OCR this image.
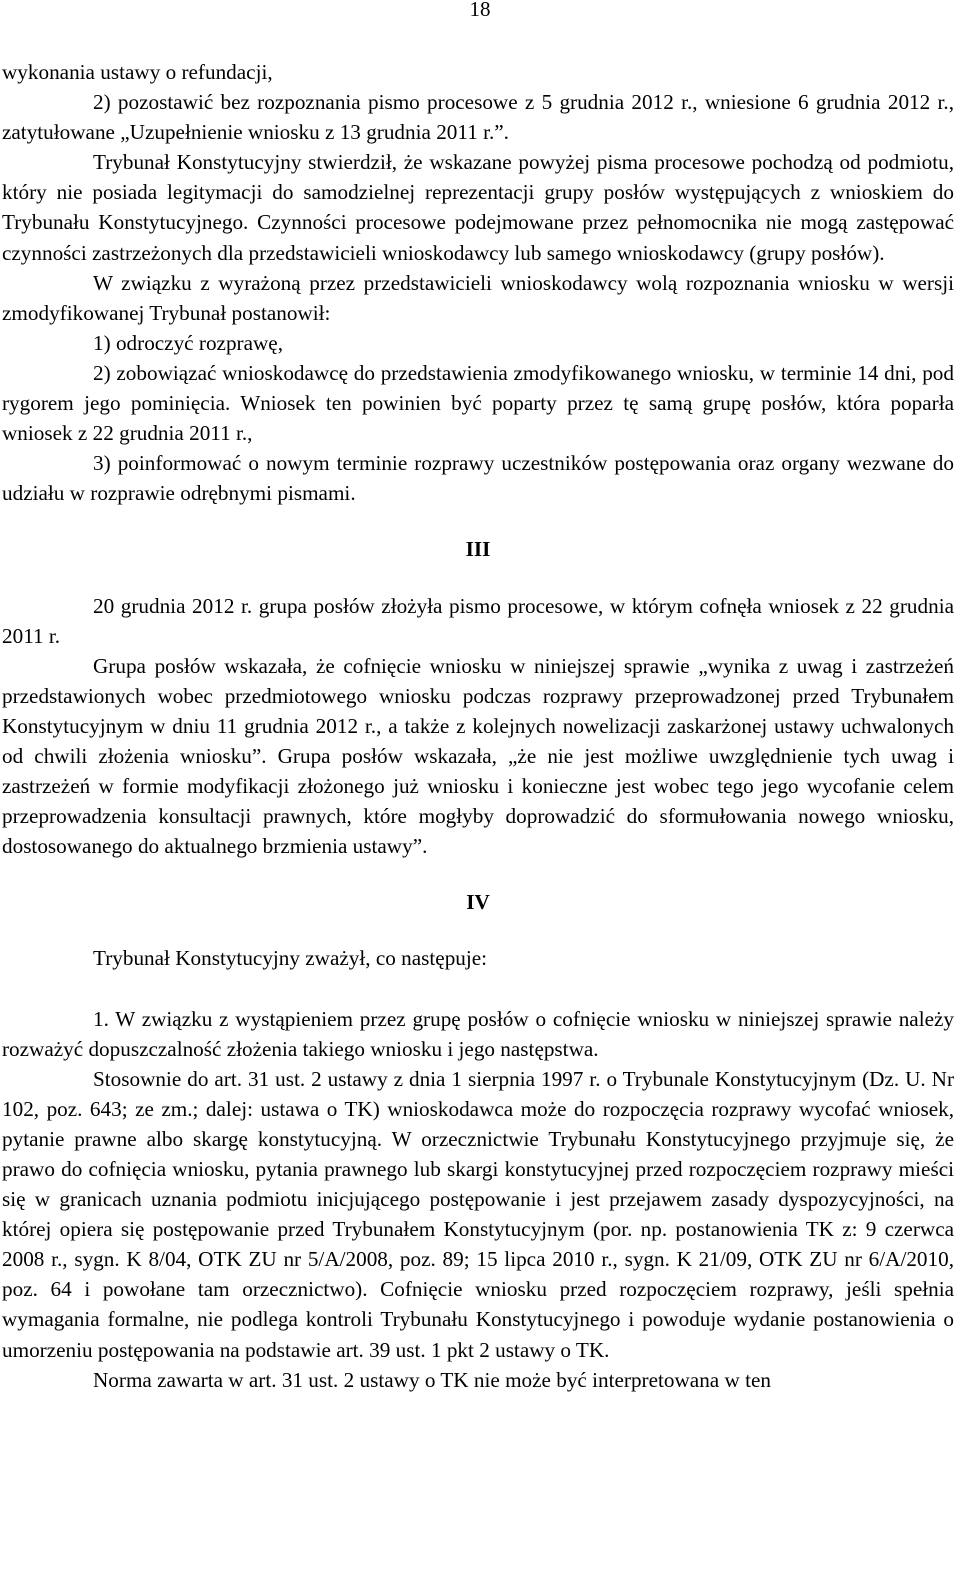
18

wykonania ustawy o refundacji,

2) pozostawić bez rozpoznania pismo procesowe z 5 grudnia 2012 r., wniesione 6 grudnia 2012 r., zatytułowane „Uzupełnienie wniosku z 13 grudnia 2011 r.”.

Trybunał Konstytucyjny stwierdził, że wskazane powyżej pisma procesowe pochodzą od podmiotu, który nie posiada legitymacji do samodzielnej reprezentacji grupy posłów występujących z wnioskiem do Trybunału Konstytucyjnego. Czynności procesowe podejmowane przez pełnomocnika nie mogą zastępować czynności zastrzeżonych dla przedstawicieli wnioskodawcy lub samego wnioskodawcy (grupy posłów).

W związku z wyrażoną przez przedstawicieli wnioskodawcy wolą rozpoznania wniosku w wersji zmodyfikowanej Trybunał postanowił:

1) odroczyć rozprawę,

2) zobowiązać wnioskodawcę do przedstawienia zmodyfikowanego wniosku, w terminie 14 dni, pod rygorem jego pominięcia. Wniosek ten powinien być poparty przez tę samą grupę posłów, która poparła wniosek z 22 grudnia 2011 r.,

3) poinformować o nowym terminie rozprawy uczestników postępowania oraz organy wezwane do udziału w rozprawie odrębnymi pismami.

III

20 grudnia 2012 r. grupa posłów złożyła pismo procesowe, w którym cofnęła wniosek z 22 grudnia 2011 r.

Grupa posłów wskazała, że cofnięcie wniosku w niniejszej sprawie „wynika z uwag i zastrzeżeń przedstawionych wobec przedmiotowego wniosku podczas rozprawy przeprowadzonej przed Trybunałem Konstytucyjnym w dniu 11 grudnia 2012 r., a także z kolejnych nowelizacji zaskarżonej ustawy uchwalonych od chwili złożenia wniosku”. Grupa posłów wskazała, „że nie jest możliwe uwzględnienie tych uwag i zastrzeżeń w formie modyfikacji złożonego już wniosku i konieczne jest wobec tego jego wycofanie celem przeprowadzenia konsultacji prawnych, które mogłyby doprowadzić do sformułowania nowego wniosku, dostosowanego do aktualnego brzmienia ustawy”.

IV

Trybunał Konstytucyjny zważył, co następuje:

1. W związku z wystąpieniem przez grupę posłów o cofnięcie wniosku w niniejszej sprawie należy rozważyć dopuszczalność złożenia takiego wniosku i jego następstwa.

Stosownie do art. 31 ust. 2 ustawy z dnia 1 sierpnia 1997 r. o Trybunale Konstytucyjnym (Dz. U. Nr 102, poz. 643; ze zm.; dalej: ustawa o TK) wnioskodawca może do rozpoczęcia rozprawy wycofać wniosek, pytanie prawne albo skargę konstytucyjną. W orzecznictwie Trybunału Konstytucyjnego przyjmuje się, że prawo do cofnięcia wniosku, pytania prawnego lub skargi konstytucyjnej przed rozpoczęciem rozprawy mieści się w granicach uznania podmiotu inicjującego postępowanie i jest przejawem zasady dyspozycyjności, na której opiera się postępowanie przed Trybunałem Konstytucyjnym (por. np. postanowienia TK z: 9 czerwca 2008 r., sygn. K 8/04, OTK ZU nr 5/A/2008, poz. 89; 15 lipca 2010 r., sygn. K 21/09, OTK ZU nr 6/A/2010, poz. 64 i powołane tam orzecznictwo). Cofnięcie wniosku przed rozpoczęciem rozprawy, jeśli spełnia wymagania formalne, nie podlega kontroli Trybunału Konstytucyjnego i powoduje wydanie postanowienia o umorzeniu postępowania na podstawie art. 39 ust. 1 pkt 2 ustawy o TK.

Norma zawarta w art. 31 ust. 2 ustawy o TK nie może być interpretowana w ten
